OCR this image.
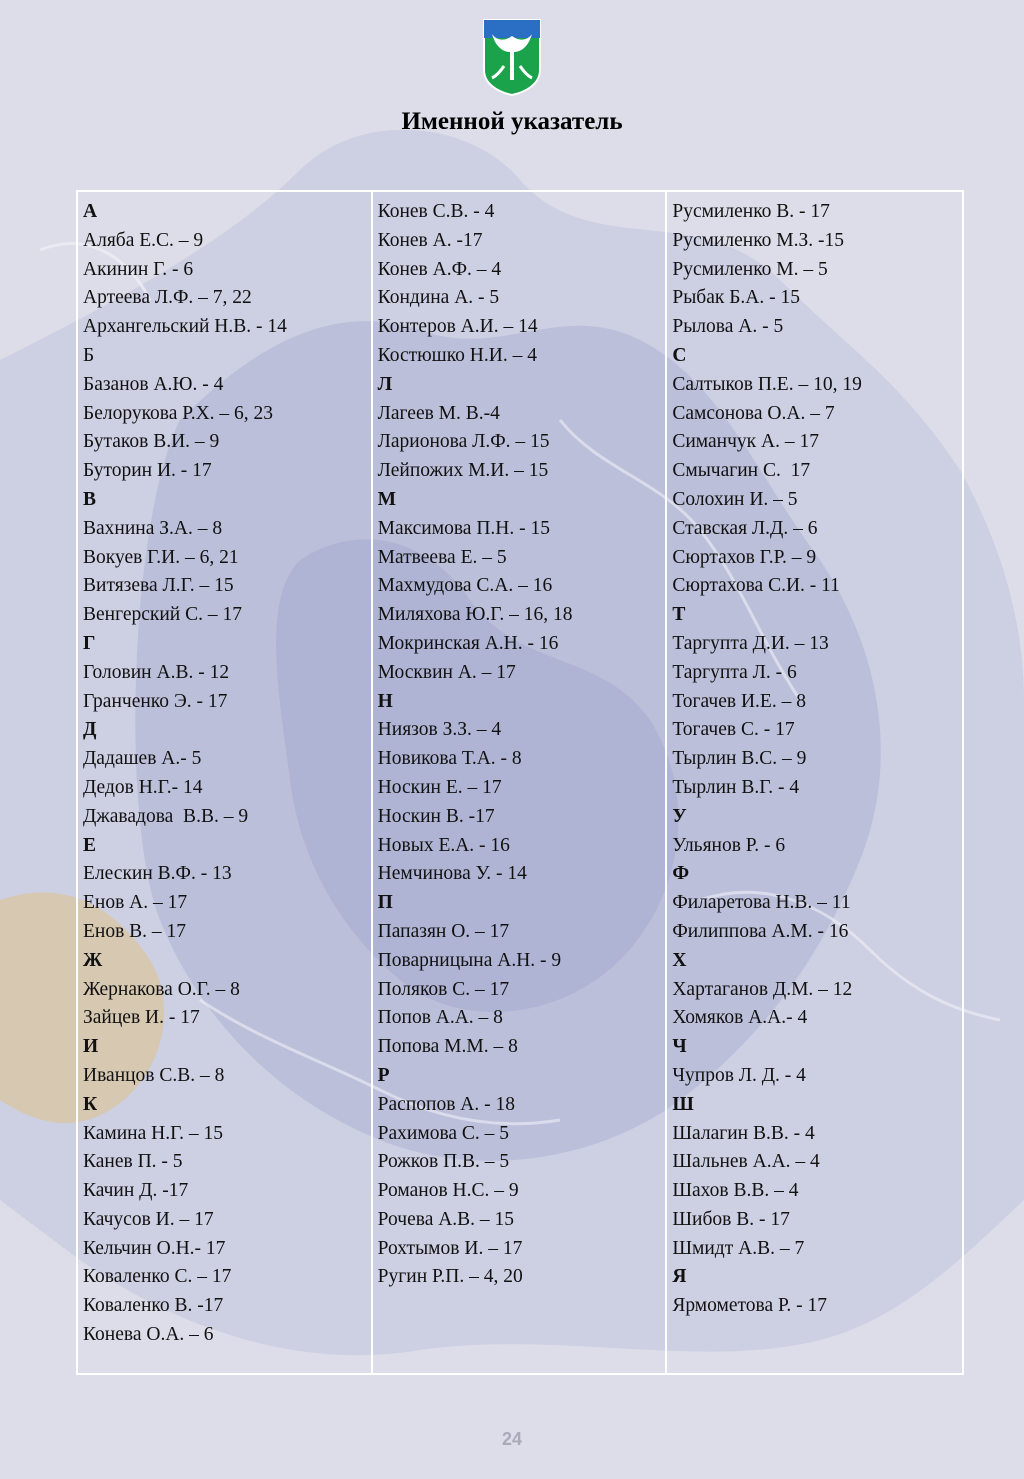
Именной указатель
А
Аляба Е.С. – 9
Акинин Г. - 6
Артеева Л.Ф. – 7, 22
Архангельский Н.В. - 14
Б
Базанов А.Ю. - 4
Белорукова Р.Х. – 6, 23
Бутаков В.И. – 9
Буторин И. - 17
В
Вахнина З.А. – 8
Вокуев Г.И. – 6, 21
Витязева Л.Г. – 15
Венгерский С. – 17
Г
Головин А.В. - 12
Гранченко Э. - 17
Д
Дадашев А.- 5
Дедов Н.Г.- 14
Джавадова  В.В. – 9
Е
Елескин В.Ф. - 13
Енов А. – 17
Енов В. – 17
Ж
Жернакова О.Г. – 8
Зайцев И. - 17
И
Иванцов С.В. – 8
К
Камина Н.Г. – 15
Канев П. - 5
Качин Д. -17
Качусов И. – 17
Кельчин О.Н.- 17
Коваленко С. – 17
Коваленко В. -17
Конева О.А. – 6
Конев С.В. - 4
Конев А. -17
Конев А.Ф. – 4
Кондина А. - 5
Контеров А.И. – 14
Костюшко Н.И. – 4
Л
Лагеев М. В.-4
Ларионова Л.Ф. – 15
Лейпожих М.И. – 15
М
Максимова П.Н. - 15
Матвеева Е. – 5
Махмудова С.А. – 16
Миляхова Ю.Г. – 16, 18
Мокринская А.Н. - 16
Москвин А. – 17
Н
Ниязов З.З. – 4
Новикова Т.А. - 8
Носкин Е. – 17
Носкин В. -17
Новых Е.А. - 16
Немчинова У. - 14
П
Папазян О. – 17
Поварницына А.Н. - 9
Поляков С. – 17
Попов А.А. – 8
Попова М.М. – 8
Р
Распопов А. - 18
Рахимова С. – 5
Рожков П.В. – 5
Романов Н.С. – 9
Рочева А.В. – 15
Рохтымов И. – 17
Ругин Р.П. – 4, 20
Русмиленко В. - 17
Русмиленко М.З. -15
Русмиленко М. – 5
Рыбак Б.А. - 15
Рылова А. - 5
С
Салтыков П.Е. – 10, 19
Самсонова О.А. – 7
Симанчук А. – 17
Смычагин С.  17
Солохин И. – 5
Ставская Л.Д. – 6
Сюртахов Г.Р. – 9
Сюртахова С.И. - 11
Т
Таргупта Д.И. – 13
Таргупта Л. - 6
Тогачев И.Е. – 8
Тогачев С. - 17
Тырлин В.С. – 9
Тырлин В.Г. - 4
У
Ульянов Р. - 6
Ф
Филаретова Н.В. – 11
Филиппова А.М. - 16
Х
Хартаганов Д.М. – 12
Хомяков А.А.- 4
Ч
Чупров Л. Д. - 4
Ш
Шалагин В.В. - 4
Шальнев А.А. – 4
Шахов В.В. – 4
Шибов В. - 17
Шмидт А.В. – 7
Я
Ярмометова Р. - 17
24
